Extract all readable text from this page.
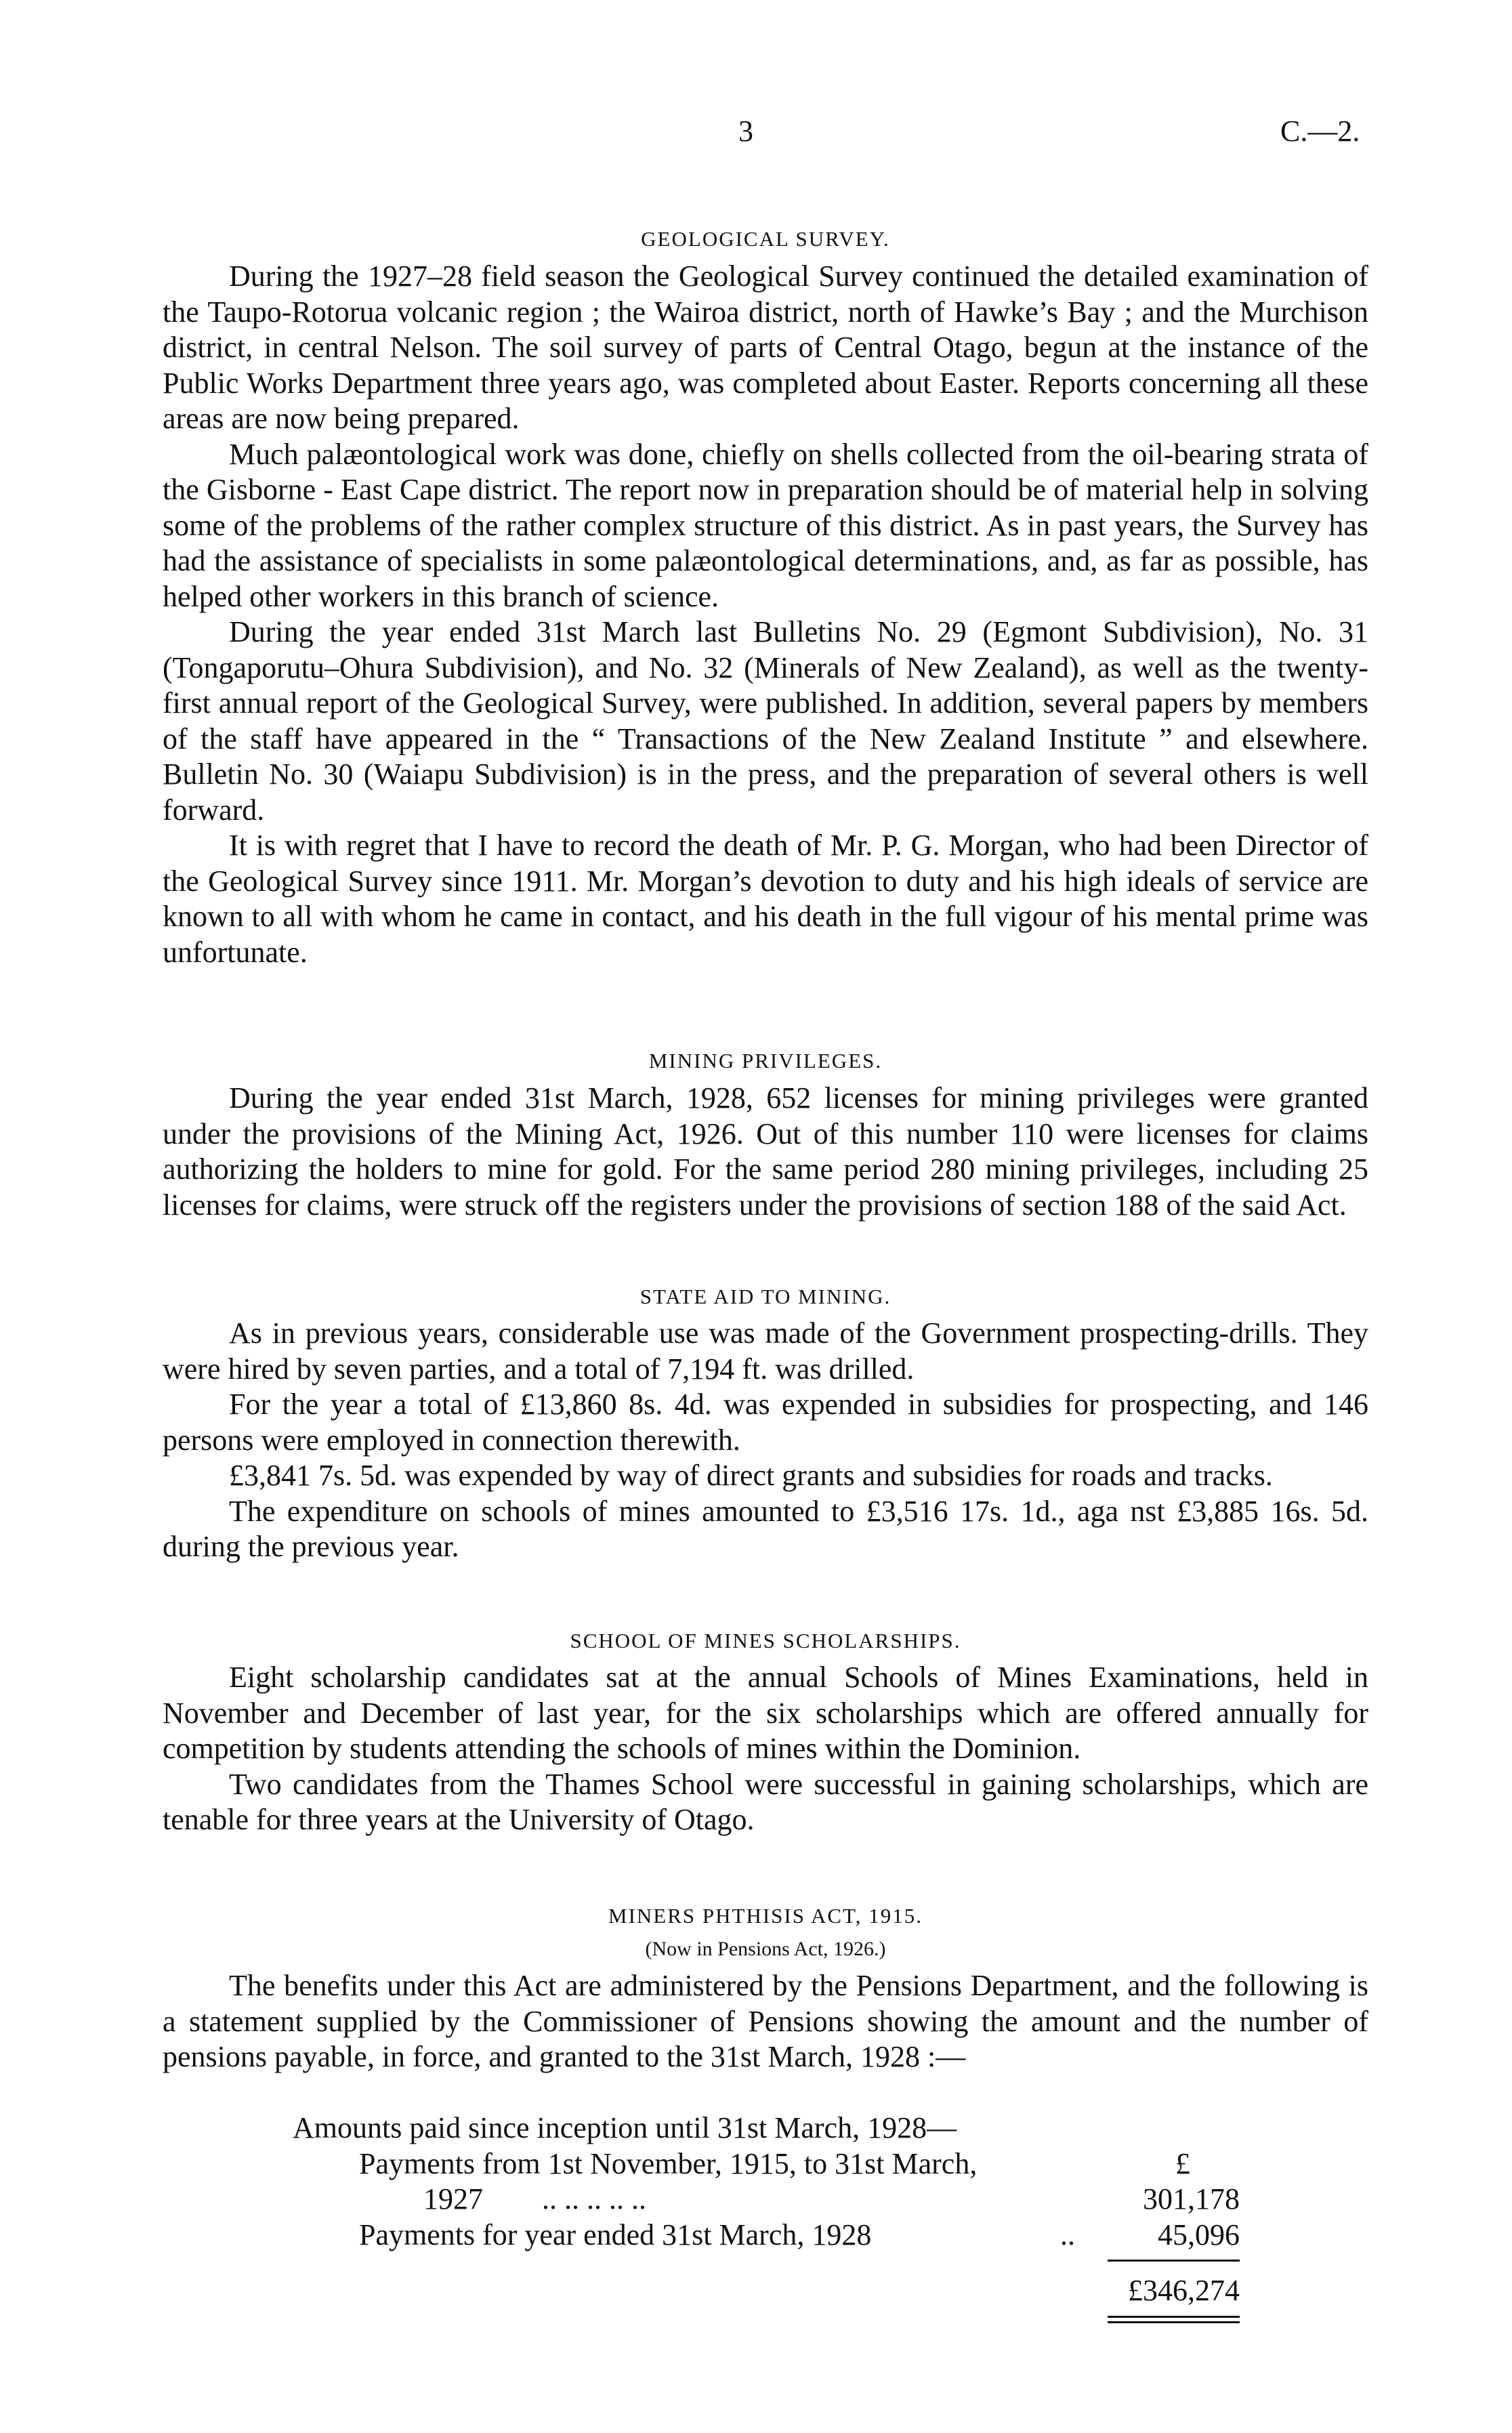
3	C.—2.

GEOLOGICAL SURVEY.

During the 1927–28 field season the Geological Survey continued the detailed examination of the Taupo-Rotorua volcanic region ; the Wairoa district, north of Hawke’s Bay ; and the Murchison district, in central Nelson. The soil survey of parts of Central Otago, begun at the instance of the Public Works Department three years ago, was completed about Easter. Reports concerning all these areas are now being prepared.

Much palæontological work was done, chiefly on shells collected from the oil-bearing strata of the Gisborne - East Cape district. The report now in preparation should be of material help in solving some of the problems of the rather complex structure of this district. As in past years, the Survey has had the assistance of specialists in some palæontological determinations, and, as far as possible, has helped other workers in this branch of science.

During the year ended 31st March last Bulletins No. 29 (Egmont Subdivision), No. 31 (Tongaporutu–Ohura Subdivision), and No. 32 (Minerals of New Zealand), as well as the twenty-first annual report of the Geological Survey, were published. In addition, several papers by members of the staff have appeared in the “ Transactions of the New Zealand Institute ” and elsewhere. Bulletin No. 30 (Waiapu Subdivision) is in the press, and the preparation of several others is well forward.

It is with regret that I have to record the death of Mr. P. G. Morgan, who had been Director of the Geological Survey since 1911. Mr. Morgan’s devotion to duty and his high ideals of service are known to all with whom he came in contact, and his death in the full vigour of his mental prime was unfortunate.

MINING PRIVILEGES.

During the year ended 31st March, 1928, 652 licenses for mining privileges were granted under the provisions of the Mining Act, 1926. Out of this number 110 were licenses for claims authorizing the holders to mine for gold. For the same period 280 mining privileges, including 25 licenses for claims, were struck off the registers under the provisions of section 188 of the said Act.

STATE AID TO MINING.

As in previous years, considerable use was made of the Government prospecting-drills. They were hired by seven parties, and a total of 7,194 ft. was drilled.

For the year a total of £13,860 8s. 4d. was expended in subsidies for prospecting, and 146 persons were employed in connection therewith.

£3,841 7s. 5d. was expended by way of direct grants and subsidies for roads and tracks.

The expenditure on schools of mines amounted to £3,516 17s. 1d., aga nst £3,885 16s. 5d. during the previous year.

SCHOOL OF MINES SCHOLARSHIPS.

Eight scholarship candidates sat at the annual Schools of Mines Examinations, held in November and December of last year, for the six scholarships which are offered annually for competition by students attending the schools of mines within the Dominion.

Two candidates from the Thames School were successful in gaining scholarships, which are tenable for three years at the University of Otago.

MINERS PHTHISIS ACT, 1915.

(Now in Pensions Act, 1926.)

The benefits under this Act are administered by the Pensions Department, and the following is a statement supplied by the Commissioner of Pensions showing the amount and the number of pensions payable, in force, and granted to the 31st March, 1928 :—

Amounts paid since inception until 31st March, 1928—
Payments from 1st November, 1915, to 31st March,	£
1927 .. .. .. .. ..	301,178
Payments for year ended 31st March, 1928	..	45,096
£346,274
